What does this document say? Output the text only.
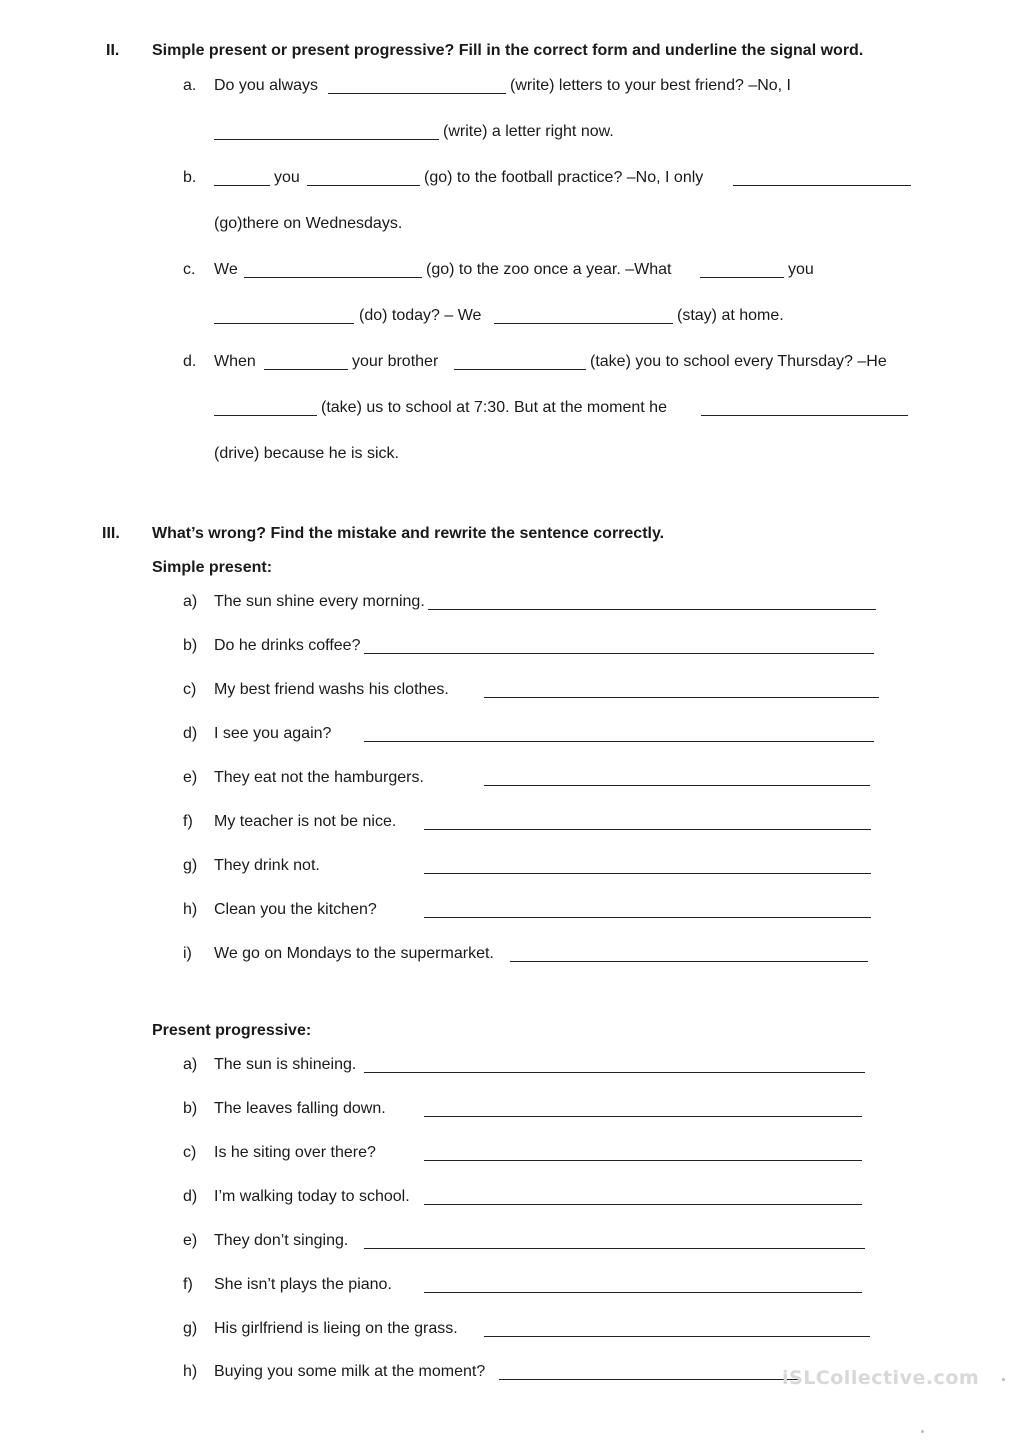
II. Simple present or present progressive? Fill in the correct form and underline the signal word.
a. Do you always	(write) letters to your best friend? –No, I
(write) a letter right now.
b.	you	(go) to the football practice? –No, I only
(go)there on Wednesdays.
c. We	(go) to the zoo once a year. –What	you
(do) today? – We	(stay) at home.
d. When	your brother	(take) you to school every Thursday? –He
(take) us to school at 7:30. But at the moment he
(drive) because he is sick.
III. What’s wrong? Find the mistake and rewrite the sentence correctly.
Simple present:
a) The sun shine every morning.
b) Do he drinks coffee?
c) My best friend washs his clothes.
d) I see you again?
e) They eat not the hamburgers.
f) My teacher is not be nice.
g) They drink not.
h) Clean you the kitchen?
i) We go on Mondays to the supermarket.
Present progressive:
a) The sun is shineing.
b) The leaves falling down.
c) Is he siting over there?
d) I’m walking today to school.
e) They don’t singing.
f) She isn’t plays the piano.
g) His girlfriend is lieing on the grass.
h) Buying you some milk at the moment?	iSLCollective.com
